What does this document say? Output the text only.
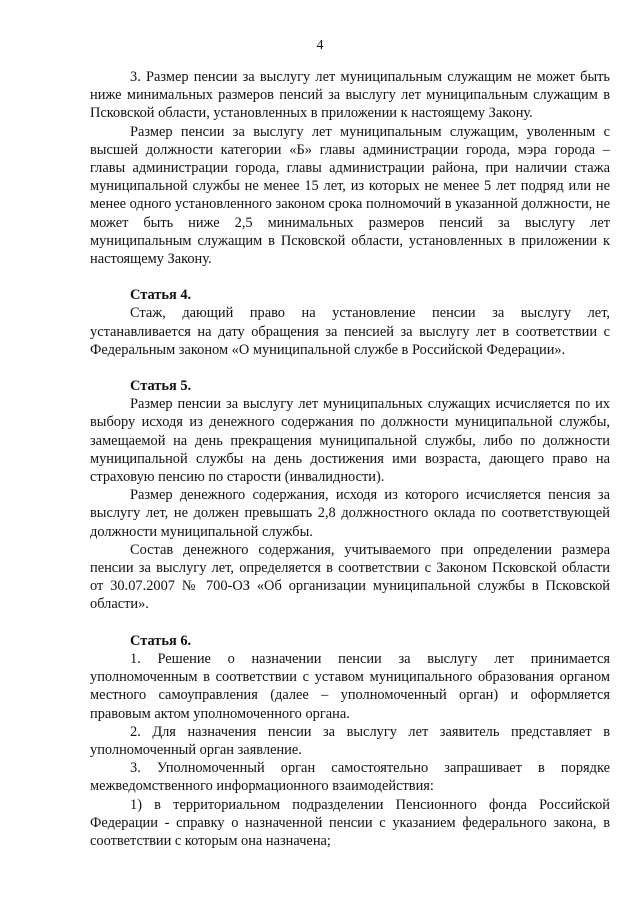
4

3. Размер пенсии за выслугу лет муниципальным служащим не может быть ниже минимальных размеров пенсий за выслугу лет муниципальным служащим в Псковской области, установленных в приложении к настоящему Закону.

Размер пенсии за выслугу лет муниципальным служащим, уволенным с высшей должности категории «Б» главы администрации города, мэра города – главы администрации города, главы администрации района, при наличии стажа муниципальной службы не менее 15 лет, из которых не менее 5 лет подряд или не менее одного установленного законом срока полномочий в указанной должности, не может быть ниже 2,5 минимальных размеров пенсий за выслугу лет муниципальным служащим в Псковской области, установленных в приложении к настоящему Закону.

Статья 4.

Стаж, дающий право на установление пенсии за выслугу лет, устанавливается на дату обращения за пенсией за выслугу лет в соответствии с Федеральным законом «О муниципальной службе в Российской Федерации».

Статья 5.

Размер пенсии за выслугу лет муниципальных служащих исчисляется по их выбору исходя из денежного содержания по должности муниципальной службы, замещаемой на день прекращения муниципальной службы, либо по должности муниципальной службы на день достижения ими возраста, дающего право на страховую пенсию по старости (инвалидности).

Размер денежного содержания, исходя из которого исчисляется пенсия за выслугу лет, не должен превышать 2,8 должностного оклада по соответствующей должности муниципальной службы.

Состав денежного содержания, учитываемого при определении размера пенсии за выслугу лет, определяется в соответствии с Законом Псковской области от 30.07.2007 № 700-ОЗ «Об организации муниципальной службы в Псковской области».

Статья 6.

1. Решение о назначении пенсии за выслугу лет принимается уполномоченным в соответствии с уставом муниципального образования органом местного самоуправления (далее – уполномоченный орган) и оформляется правовым актом уполномоченного органа.

2. Для назначения пенсии за выслугу лет заявитель представляет в уполномоченный орган заявление.

3. Уполномоченный орган самостоятельно запрашивает в порядке межведомственного информационного взаимодействия:

1) в территориальном подразделении Пенсионного фонда Российской Федерации - справку о назначенной пенсии с указанием федерального закона, в соответствии с которым она назначена;
